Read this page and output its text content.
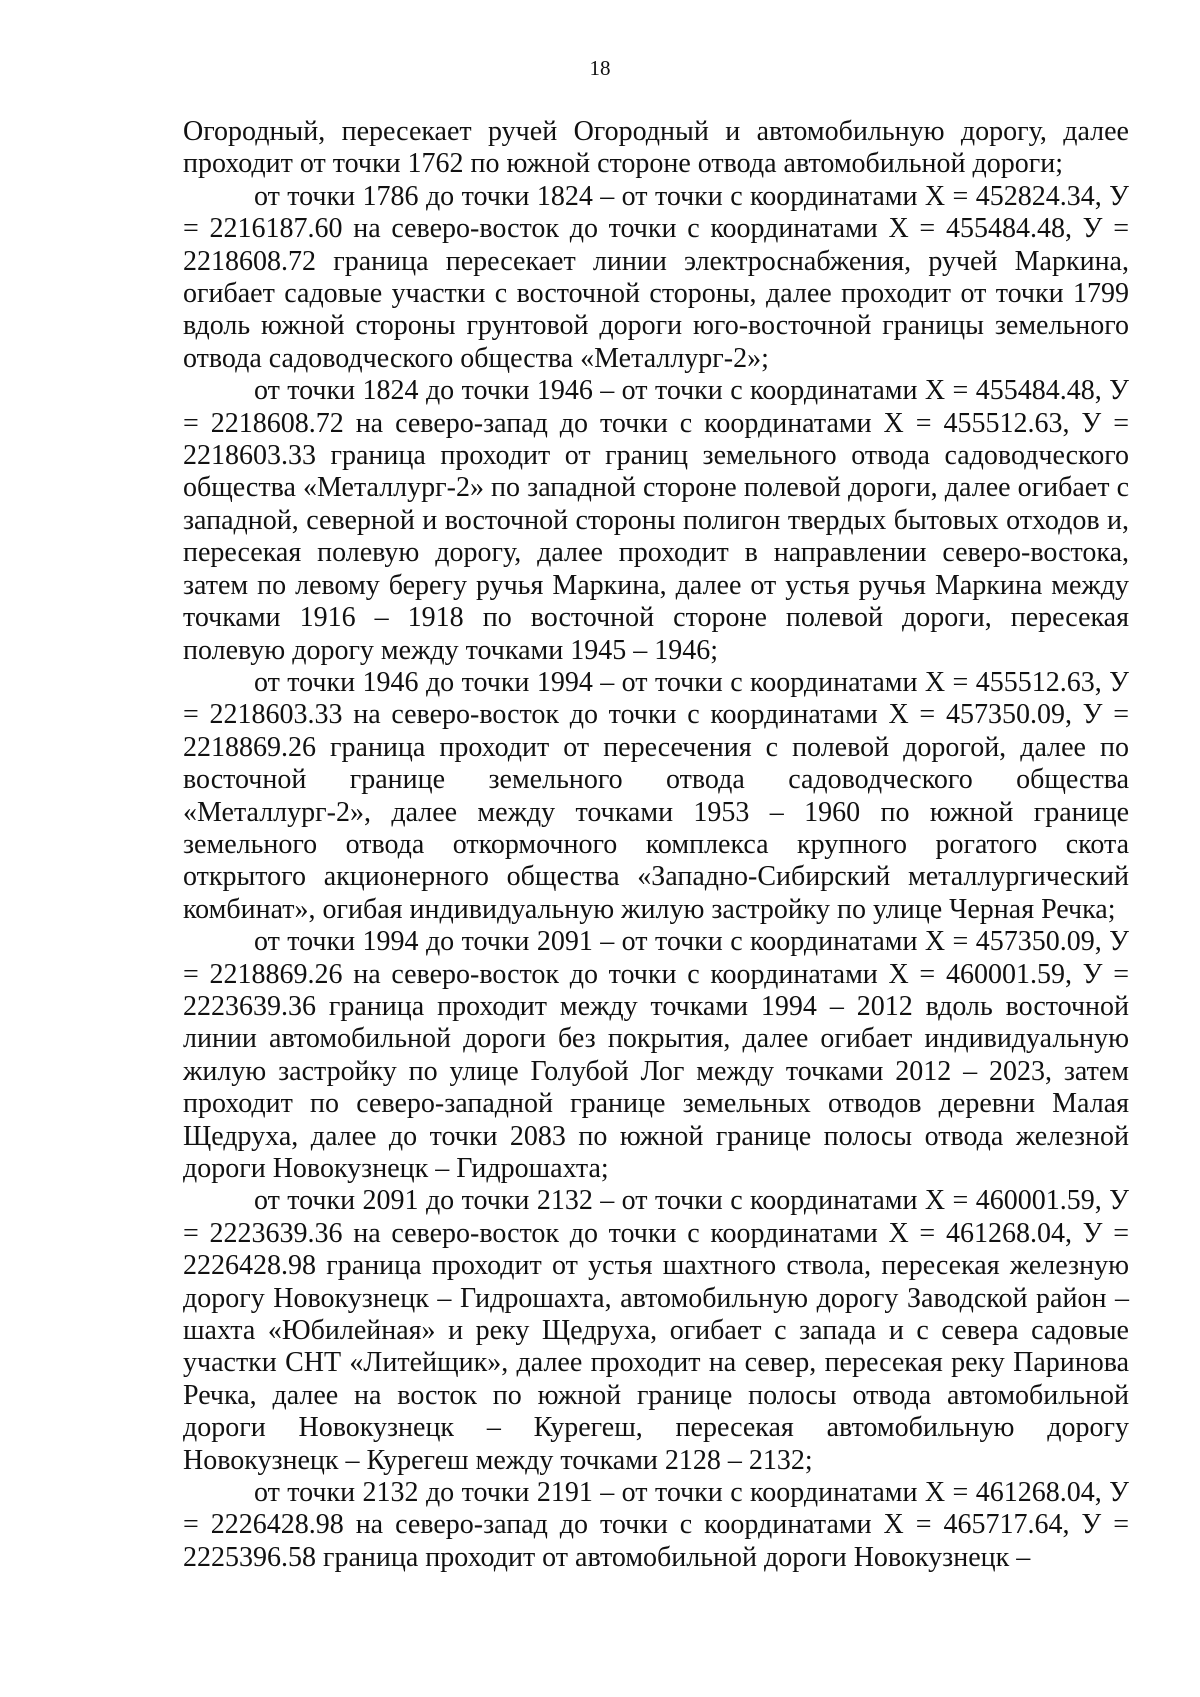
18

Огородный, пересекает ручей Огородный и автомобильную дорогу, далее проходит от точки 1762 по южной стороне отвода автомобильной дороги;

от точки 1786 до точки 1824 – от точки с координатами Х = 452824.34, У = 2216187.60 на северо-восток до точки с координатами Х = 455484.48, У = 2218608.72 граница пересекает линии электроснабжения, ручей Маркина, огибает садовые участки с восточной стороны, далее проходит от точки 1799 вдоль южной стороны грунтовой дороги юго-восточной границы земельного отвода садоводческого общества «Металлург-2»;

от точки 1824 до точки 1946 – от точки с координатами Х = 455484.48, У = 2218608.72 на северо-запад до точки с координатами Х = 455512.63, У = 2218603.33 граница проходит от границ земельного отвода садоводческого общества «Металлург-2» по западной стороне полевой дороги, далее огибает с западной, северной и восточной стороны полигон твердых бытовых отходов и, пересекая полевую дорогу, далее проходит в направлении северо-востока, затем по левому берегу ручья Маркина, далее от устья ручья Маркина между точками 1916 – 1918 по восточной стороне полевой дороги, пересекая полевую дорогу между точками 1945 – 1946;

от точки 1946 до точки 1994 – от точки с координатами Х = 455512.63, У = 2218603.33 на северо-восток до точки с координатами Х = 457350.09, У = 2218869.26 граница проходит от пересечения с полевой дорогой, далее по восточной границе земельного отвода садоводческого общества «Металлург-2», далее между точками 1953 – 1960 по южной границе земельного отвода откормочного комплекса крупного рогатого скота открытого акционерного общества «Западно-Сибирский металлургический комбинат», огибая индивидуальную жилую застройку по улице Черная Речка;

от точки 1994 до точки 2091 – от точки с координатами Х = 457350.09, У = 2218869.26 на северо-восток до точки с координатами Х = 460001.59, У = 2223639.36 граница проходит между точками 1994 – 2012 вдоль восточной линии автомобильной дороги без покрытия, далее огибает индивидуальную жилую застройку по улице Голубой Лог между точками 2012 – 2023, затем проходит по северо-западной границе земельных отводов деревни Малая Щедруха, далее до точки 2083 по южной границе полосы отвода железной дороги Новокузнецк – Гидрошахта;

от точки 2091 до точки 2132 – от точки с координатами Х = 460001.59, У = 2223639.36 на северо-восток до точки с координатами Х = 461268.04, У = 2226428.98 граница проходит от устья шахтного ствола, пересекая железную дорогу Новокузнецк – Гидрошахта, автомобильную дорогу Заводской район – шахта «Юбилейная» и реку Щедруха, огибает с запада и с севера садовые участки СНТ «Литейщик», далее проходит на север, пересекая реку Паринова Речка, далее на восток по южной границе полосы отвода автомобильной дороги Новокузнецк – Курегеш, пересекая автомобильную дорогу Новокузнецк – Курегеш между точками 2128 – 2132;

от точки 2132 до точки 2191 – от точки с координатами Х = 461268.04, У = 2226428.98 на северо-запад до точки с координатами Х = 465717.64, У = 2225396.58 граница проходит от автомобильной дороги Новокузнецк –
